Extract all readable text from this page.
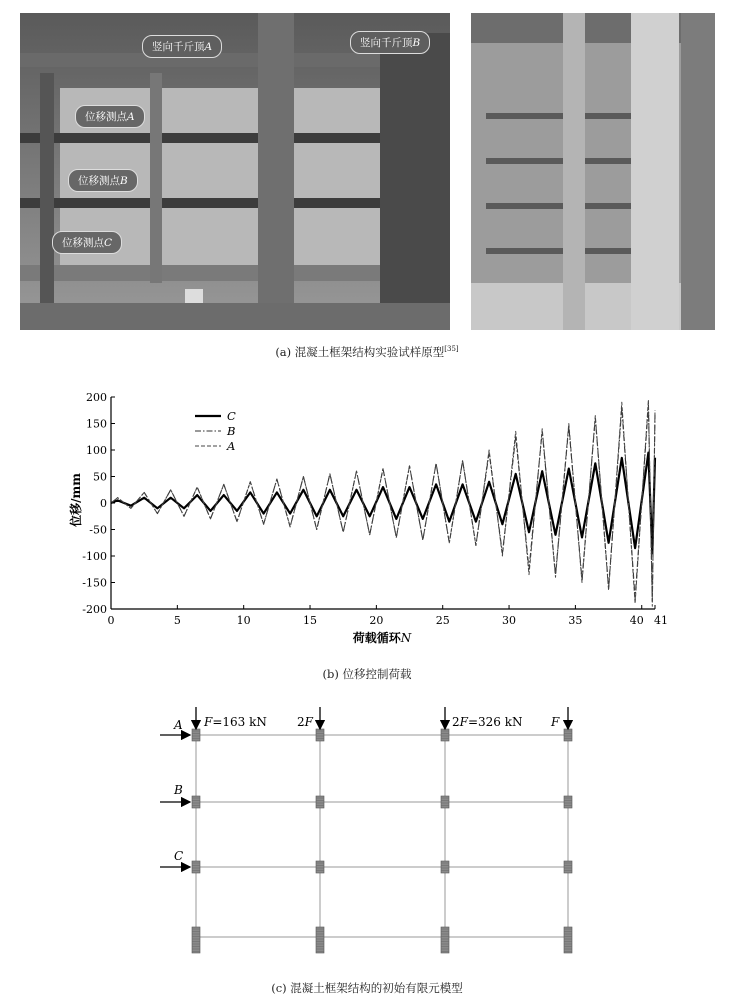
竖向千斤顶A	竖向千斤顶B
位移测点A
位移测点B
位移测点C
(a) 混凝土框架结构实验试样原型[35]
-200
-150
-100
-50
0
50
100
150
200
0	5	10	15	20	25	30	35	40 41
C
B
A
位移/mm
荷载循环N
(b) 位移控制荷载
F=163 kN	2F	2F=326 kN F
A
B
C
(c) 混凝土框架结构的初始有限元模型
